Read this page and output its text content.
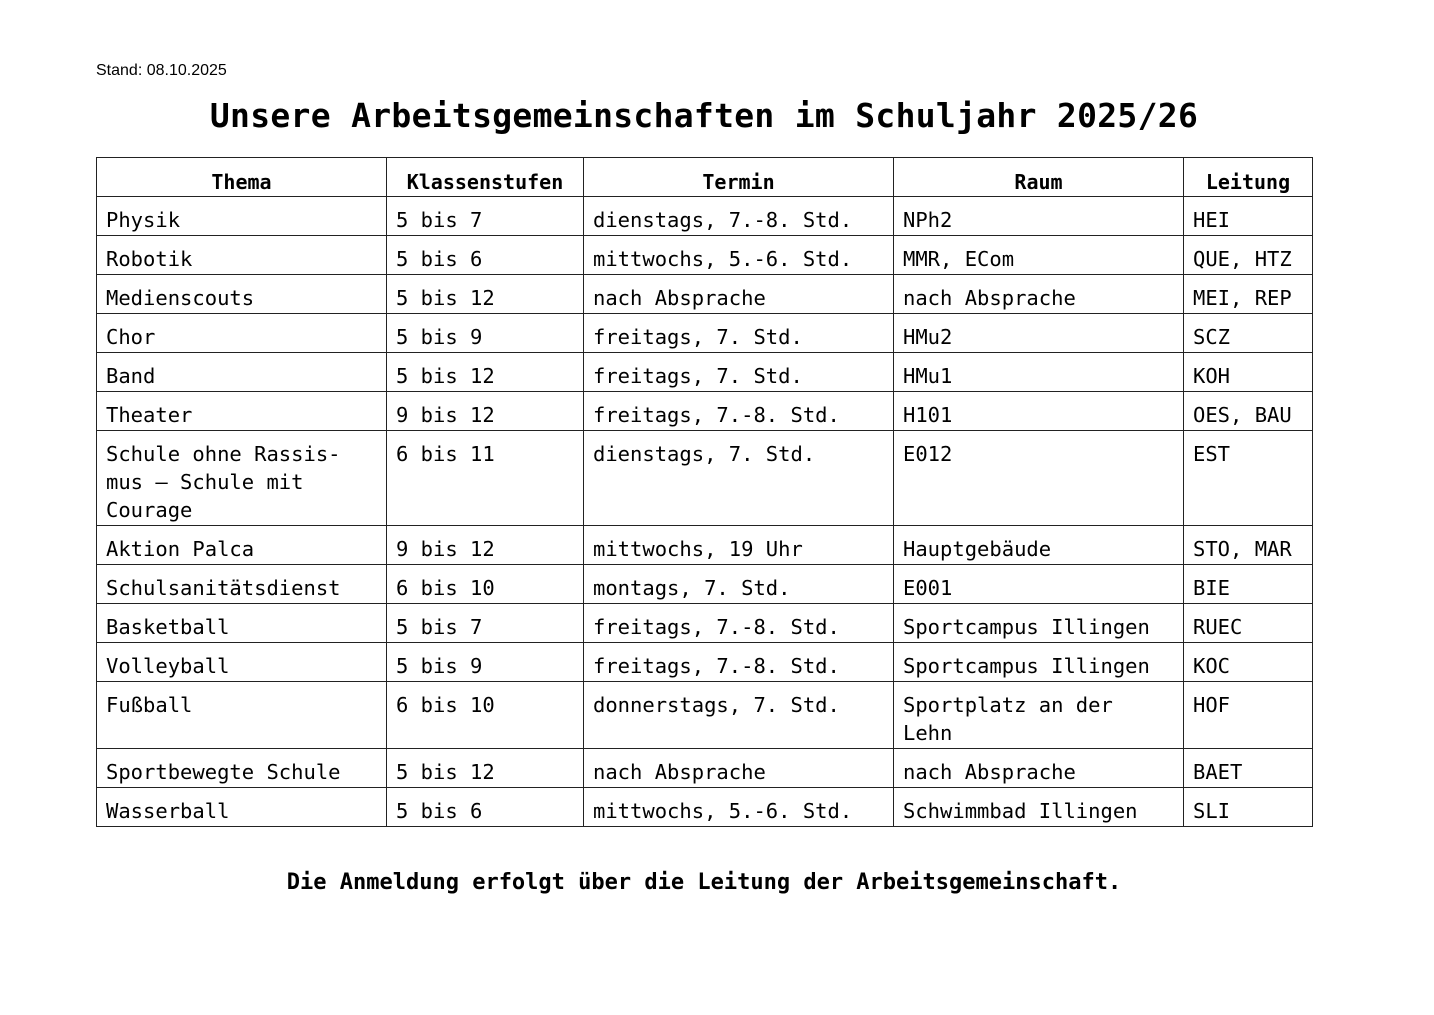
Stand: 08.10.2025
Unsere Arbeitsgemeinschaften im Schuljahr 2025/26
Thema	Klassenstufen	Termin	Raum	Leitung
Physik	5 bis 7	dienstags, 7.-8. Std.	NPh2	HEI
Robotik	5 bis 6	mittwochs, 5.-6. Std.	MMR, ECom	QUE, HTZ
Medienscouts	5 bis 12	nach Absprache	nach Absprache	MEI, REP
Chor	5 bis 9	freitags, 7. Std.	HMu2	SCZ
Band	5 bis 12	freitags, 7. Std.	HMu1	KOH
Theater	9 bis 12	freitags, 7.-8. Std.	H101	OES, BAU
Schule ohne Rassis- mus – Schule mit Courage	6 bis 11	dienstags, 7. Std.	E012	EST
Aktion Palca	9 bis 12	mittwochs, 19 Uhr	Hauptgebäude	STO, MAR
Schulsanitätsdienst	6 bis 10	montags, 7. Std.	E001	BIE
Basketball	5 bis 7	freitags, 7.-8. Std.	Sportcampus Illingen	RUEC
Volleyball	5 bis 9	freitags, 7.-8. Std.	Sportcampus Illingen	KOC
Fußball	6 bis 10	donnerstags, 7. Std.	Sportplatz an der Lehn	HOF
Sportbewegte Schule	5 bis 12	nach Absprache	nach Absprache	BAET
Wasserball	5 bis 6	mittwochs, 5.-6. Std.	Schwimmbad Illingen	SLI
Die Anmeldung erfolgt über die Leitung der Arbeitsgemeinschaft.
